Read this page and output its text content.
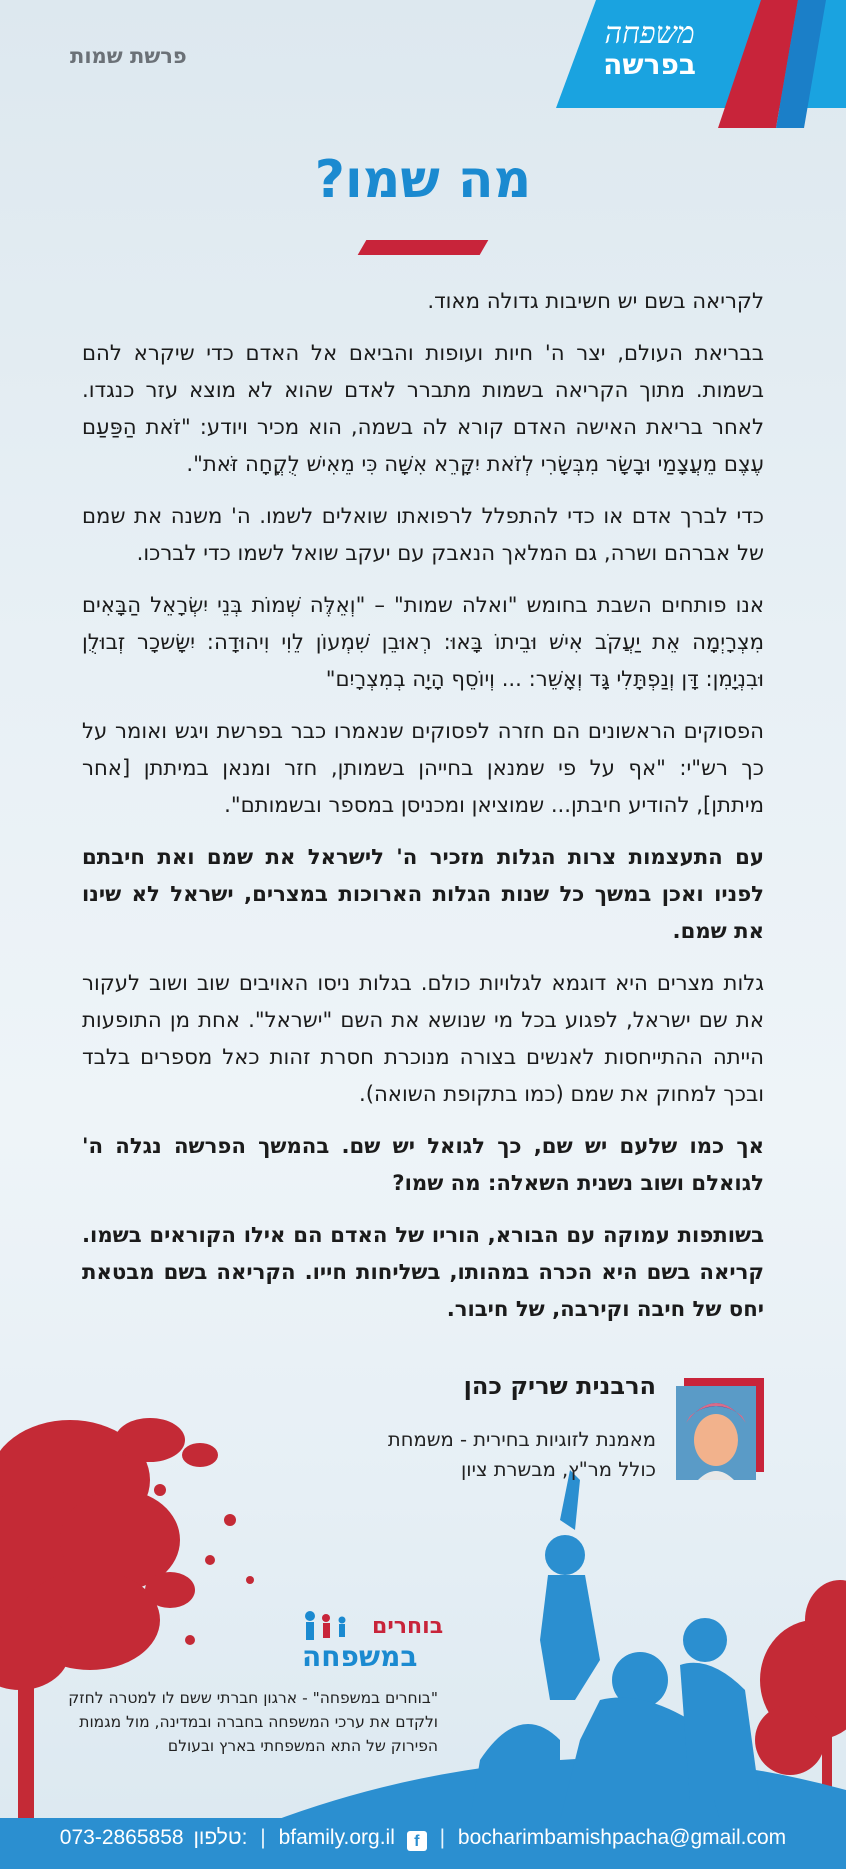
פרשת שמות
משפחה
בפרשה
מה שמו?

לקריאה בשם יש חשיבות גדולה מאוד.

בבריאת העולם, יצר ה' חיות ועופות והביאם אל האדם כדי שיקרא להם בשמות. מתוך הקריאה בשמות מתברר לאדם שהוא לא מוצא עזר כנגדו. לאחר בריאת האישה האדם קורא לה בשמה, הוא מכיר ויודע: "זֹאת הַפַּעַם עֶצֶם מֵעֲצָמַי וּבָשָׂר מִבְּשָׂרִי לְזֹאת יִקָּרֵא אִשָּׁה כִּי מֵאִישׁ לֻקֳחָה זֹּאת".

כדי לברך אדם או כדי להתפלל לרפואתו שואלים לשמו. ה' משנה את שמם של אברהם ושרה, גם המלאך הנאבק עם יעקב שואל לשמו כדי לברכו.

אנו פותחים השבת בחומש "ואלה שמות" – "וְאֵלֶּה שְׁמוֹת בְּנֵי יִשְׂרָאֵל הַבָּאִים מִצְרָיְמָה אֵת יַעֲקֹב אִישׁ וּבֵיתוֹ בָּאוּ: רְאוּבֵן שִׁמְעוֹן לֵוִי וִיהוּדָה: יִשָּׂשכָר זְבוּלֻן וּבִנְיָמִן: דָּן וְנַפְתָּלִי גָּד וְאָשֵׁר: ... וְיוֹסֵף הָיָה בְמִצְרָיִם"

הפסוקים הראשונים הם חזרה לפסוקים שנאמרו כבר בפרשת ויגש ואומר על כך רש"י: "אף על פי שמנאן בחייהן בשמותן, חזר ומנאן במיתתן [אחר מיתתן], להודיע חיבתן... שמוציאן ומכניסן במספר ובשמותם".

עם התעצמות צרות הגלות מזכיר ה' לישראל את שמם ואת חיבתם לפניו ואכן במשך כל שנות הגלות הארוכות במצרים, ישראל לא שינו את שמם.

גלות מצרים היא דוגמא לגלויות כולם. בגלות ניסו האויבים שוב ושוב לעקור את שם ישראל, לפגוע בכל מי שנושא את השם "ישראל". אחת מן התופעות הייתה ההתייחסות לאנשים בצורה מנוכרת חסרת זהות כאל מספרים בלבד ובכך למחוק את שמם (כמו בתקופת השואה).

אך כמו שלעם יש שם, כך לגואל יש שם. בהמשך הפרשה נגלה ה' לגואלם ושוב נשנית השאלה: מה שמו?

בשותפות עמוקה עם הבורא, הוריו של האדם הם אילו הקוראים בשמו. קריאה בשם היא הכרה במהותו, בשליחות חייו. הקריאה בשם מבטאת יחס של חיבה וקירבה, של חיבור.

הרבנית שריק כהן
מאמנת לזוגיות בחירית - משמחת
כולל מר"ץ, מבשרת ציון
בוחרים
במשפחה
"בוחרים במשפחה" - ארגון חברתי ששם לו למטרה לחזק ולקדם את ערכי המשפחה בחברה ובמדינה, מול מגמות הפירוק של התא המשפחתי בארץ ובעולם
073-2865858 טלפון: | bfamily.org.il f | bocharimbamishpacha@gmail.com
